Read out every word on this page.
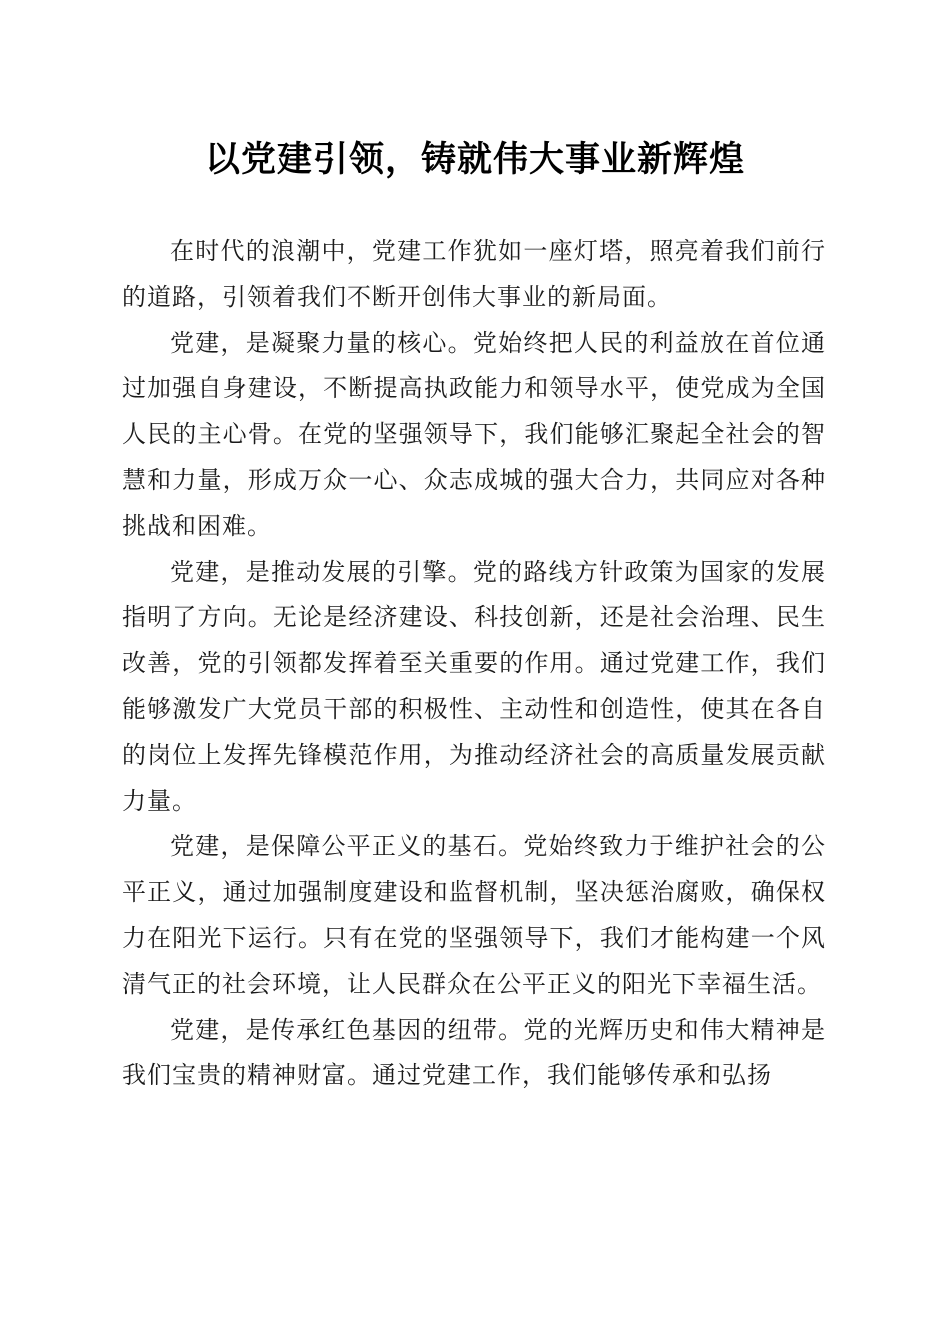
以党建引领，铸就伟大事业新辉煌

在时代的浪潮中，党建工作犹如一座灯塔，照亮着我们前行的道路，引领着我们不断开创伟大事业的新局面。

党建，是凝聚力量的核心。党始终把人民的利益放在首位通过加强自身建设，不断提高执政能力和领导水平，使党成为全国人民的主心骨。在党的坚强领导下，我们能够汇聚起全社会的智慧和力量，形成万众一心、众志成城的强大合力，共同应对各种挑战和困难。

党建，是推动发展的引擎。党的路线方针政策为国家的发展指明了方向。无论是经济建设、科技创新，还是社会治理、民生改善，党的引领都发挥着至关重要的作用。通过党建工作，我们能够激发广大党员干部的积极性、主动性和创造性，使其在各自的岗位上发挥先锋模范作用，为推动经济社会的高质量发展贡献力量。

党建，是保障公平正义的基石。党始终致力于维护社会的公平正义，通过加强制度建设和监督机制，坚决惩治腐败，确保权力在阳光下运行。只有在党的坚强领导下，我们才能构建一个风清气正的社会环境，让人民群众在公平正义的阳光下幸福生活。

党建，是传承红色基因的纽带。党的光辉历史和伟大精神是我们宝贵的精神财富。通过党建工作，我们能够传承和弘扬
